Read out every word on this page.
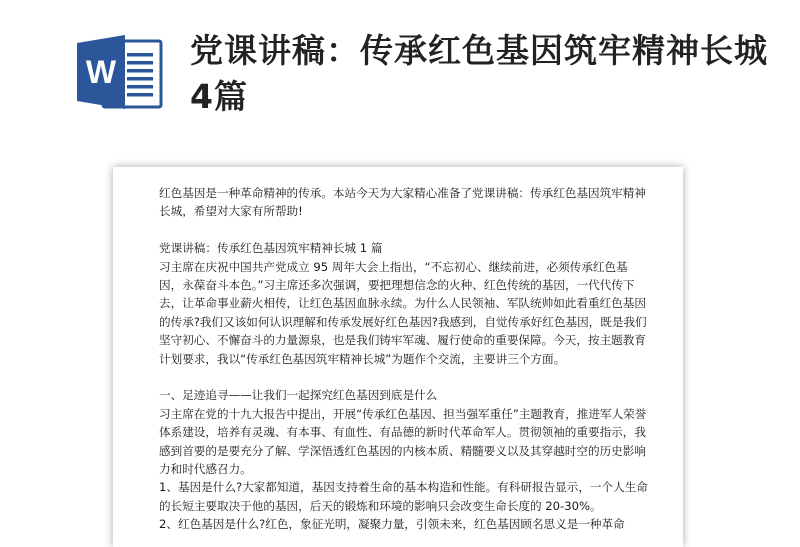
W
党课讲稿：传承红色基因筑牢精神长城4篇

红色基因是一种革命精神的传承。本站今天为大家精心准备了党课讲稿：传承红色基因筑牢精神长城，希望对大家有所帮助!

党课讲稿：传承红色基因筑牢精神长城 1 篇

习主席在庆祝中国共产党成立 95 周年大会上指出，“不忘初心、继续前进，必须传承红色基因，永葆奋斗本色。”习主席还多次强调，要把理想信念的火种、红色传统的基因，一代代传下去，让革命事业薪火相传，让红色基因血脉永续。为什么人民领袖、军队统帅如此看重红色基因的传承?我们又该如何认识理解和传承发展好红色基因?我感到，自觉传承好红色基因，既是我们坚守初心、不懈奋斗的力量源泉，也是我们铸牢军魂、履行使命的重要保障。今天，按主题教育计划要求，我以“传承红色基因筑牢精神长城”为题作个交流，主要讲三个方面。

一、足迹追寻——让我们一起探究红色基因到底是什么

习主席在党的十九大报告中提出，开展“传承红色基因、担当强军重任”主题教育，推进军人荣誉体系建设，培养有灵魂、有本事、有血性、有品德的新时代革命军人。贯彻领袖的重要指示，我感到首要的是要充分了解、学深悟透红色基因的内核本质、精髓要义以及其穿越时空的历史影响力和时代感召力。

1、基因是什么?大家都知道，基因支持着生命的基本构造和性能。有科研报告显示，一个人生命的长短主要取决于他的基因，后天的锻炼和环境的影响只会改变生命长度的 20-30%。

2、红色基因是什么?红色，象征光明，凝聚力量，引领未来，红色基因顾名思义是一种革命
